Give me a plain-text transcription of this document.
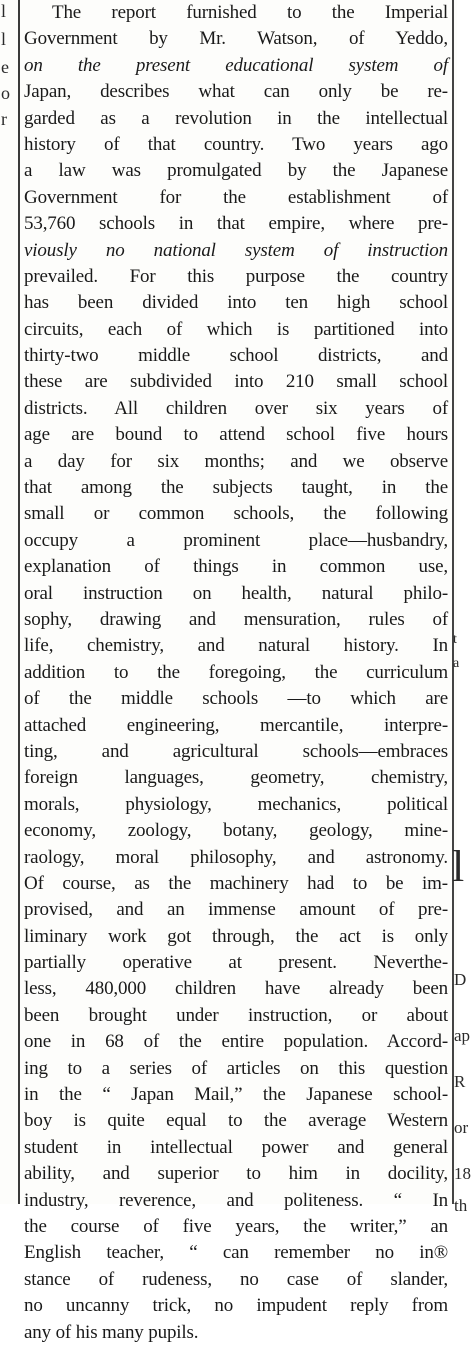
l
l
e
o
r
The report furnished to the Imperial
Government by Mr. Watson, of Yeddo,
on the present educational system of
Japan, describes what can only be re-
garded as a revolution in the intellectual
history of that country. Two years ago
a law was promulgated by the Japanese
Government for the establishment of
53,760 schools in that empire, where pre-
viously no national system of instruction
prevailed. For this purpose the country
has been divided into ten high school
circuits, each of which is partitioned into
thirty-two middle school districts, and
these are subdivided into 210 small school
districts. All children over six years of
age are bound to attend school five hours
a day for six months; and we observe
that among the subjects taught, in the
small or common schools, the following
occupy a prominent place—husbandry,
explanation of things in common use,
oral instruction on health, natural philo-
sophy, drawing and mensuration, rules of
life, chemistry, and natural history. In
addition to the foregoing, the curriculum
of the middle schools —to which are
attached engineering, mercantile, interpre-
ting, and agricultural schools—embraces
foreign languages, geometry, chemistry,
morals, physiology, mechanics, political
economy, zoology, botany, geology, mine-
raology, moral philosophy, and astronomy.
Of course, as the machinery had to be im-
provised, and an immense amount of pre-
liminary work got through, the act is only
partially operative at present. Neverthe-
less, 480,000 children have already been
been brought under instruction, or about
one in 68 of the entire population. Accord-
ing to a series of articles on this question
in the “ Japan Mail,” the Japanese school-
boy is quite equal to the average Western
student in intellectual power and general
ability, and superior to him in docility,
industry, reverence, and politeness. “ In
the course of five years, the writer,” an
English teacher, “ can remember no in®
stance of rudeness, no case of slander,
no uncanny trick, no impudent reply from
any of his many pupils.
t
a
l
D
ap
R
or
18
th
